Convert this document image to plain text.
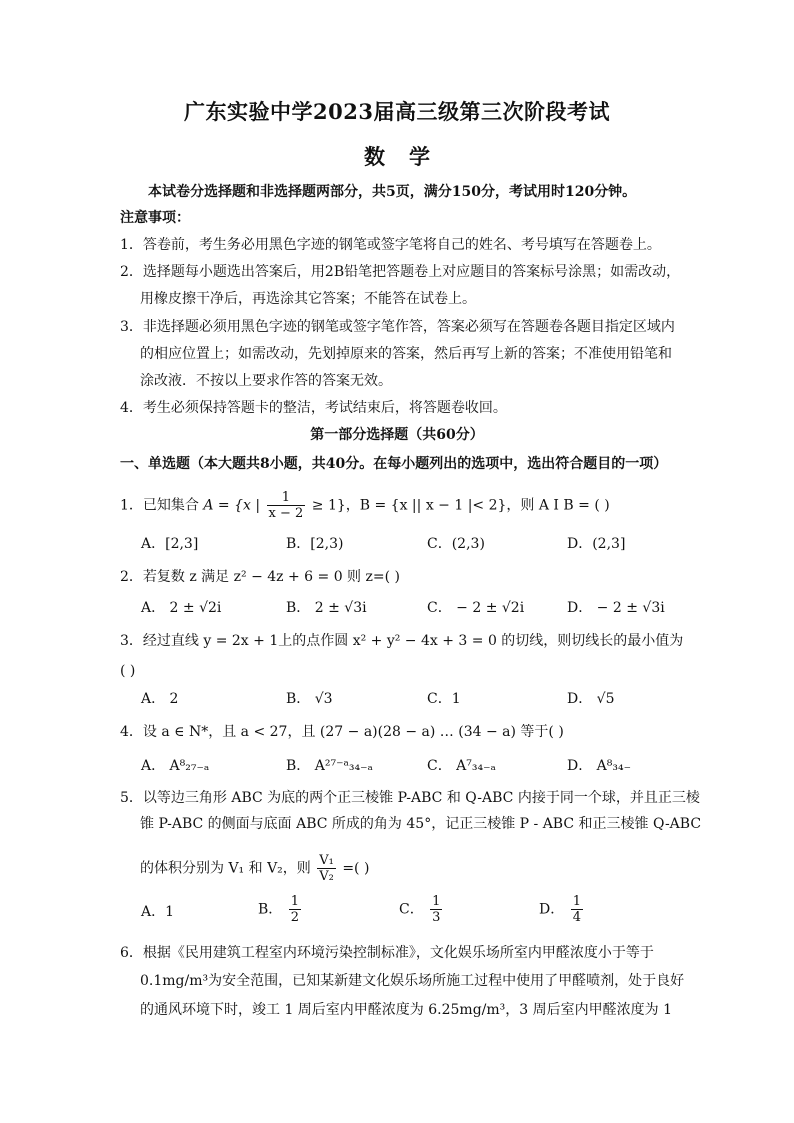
广东实验中学2023届高三级第三次阶段考试
数学
本试卷分选择题和非选择题两部分，共5页，满分150分，考试用时120分钟。
注意事项：
1．答卷前，考生务必用黑色字迹的钢笔或签字笔将自己的姓名、考号填写在答题卷上。
2．选择题每小题选出答案后，用2B铅笔把答题卷上对应题目的答案标号涂黑；如需改动，
用橡皮擦干净后，再选涂其它答案；不能答在试卷上。
3．非选择题必须用黑色字迹的钢笔或签字笔作答，答案必须写在答题卷各题目指定区域内
的相应位置上；如需改动，先划掉原来的答案，然后再写上新的答案；不准使用铅笔和
涂改液．不按以上要求作答的答案无效。
4．考生必须保持答题卡的整洁，考试结束后，将答题卷收回。
第一部分选择题（共60分）
一、单选题（本大题共8小题，共40分。在每小题列出的选项中，选出符合题目的一项）
1．已知集合 A = {x | $\frac{1}{x - 2} \ge 1$}，B = {x || x − 1 |< 2}，则 A I B = ( )
A．[2,3]	B．[2,3)	C．(2,3)	D．(2,3]
2．若复数 z 满足 z² − 4z + 6 = 0 则 z=( )
A． 2 ± √2i	B． 2 ± √3i	C． − 2 ± √2i	D． − 2 ± √3i
3．经过直线 y = 2x + 1上的点作圆 x² + y² − 4x + 3 = 0 的切线，则切线长的最小值为
( )
A． 2	B． √3	C．1	D． √5
4．设 a ∈ N*，且 a < 27，且 (27 − a)(28 − a) … (34 − a) 等于( )
A． A⁸₂₇₋ₐ	B． A²⁷⁻ᵃ₃₄₋ₐ	C． A⁷₃₄₋ₐ	D． A⁸₃₄₋
5．以等边三角形 ABC 为底的两个正三棱锥 P-ABC 和 Q-ABC 内接于同一个球，并且正三棱
锥 P-ABC 的侧面与底面 ABC 所成的角为 45°，记正三棱锥 P - ABC 和正三棱锥 Q-ABC
的体积分别为 V₁ 和 V₂，则 $\frac{\text{V₁}}{\text{V₂}}$ =( )
A．1	B． $\frac{1}{2}$	C． $\frac{1}{3}$	D． $\frac{1}{4}$
6．根据《民用建筑工程室内环境污染控制标准》，文化娱乐场所室内甲醛浓度小于等于
0.1mg/m³为安全范围，已知某新建文化娱乐场所施工过程中使用了甲醛喷剂，处于良好
的通风环境下时，竣工 1 周后室内甲醛浓度为 6.25mg/m³，3 周后室内甲醛浓度为 1
